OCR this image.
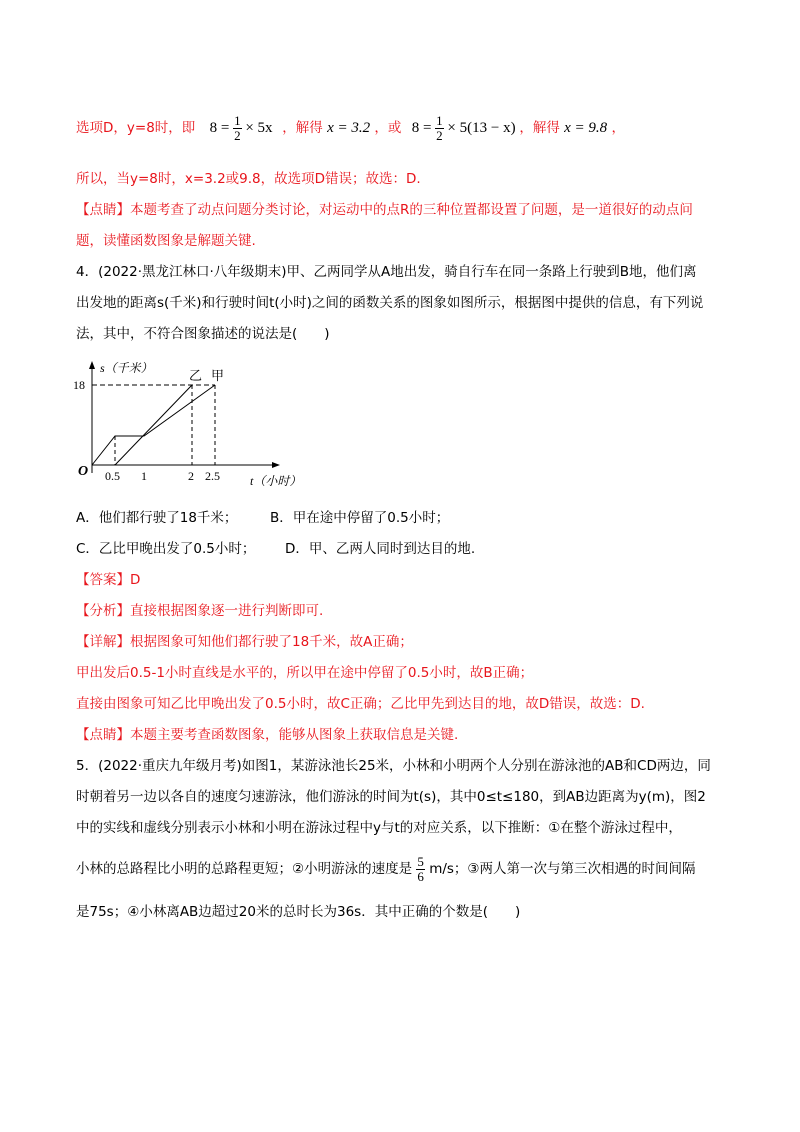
选项D，y=8时，即 $8 = \frac{1}{2} \times 5x$ ，解得 x = 3.2 ，或 $8 = \frac{1}{2} \times 5(13 - x)$ ，解得 x = 9.8 ，
所以，当y=8时，x=3.2或9.8，故选项D错误；故选：D.
【点睛】本题考查了动点问题分类讨论，对运动中的点R的三种位置都设置了问题，是一道很好的动点问
题，读懂函数图象是解题关键.
4．(2022·黑龙江林口·八年级期末)甲、乙两同学从A地出发，骑自行车在同一条路上行驶到B地，他们离
出发地的距离s(千米)和行驶时间t(小时)之间的函数关系的图象如图所示，根据图中提供的信息，有下列说
法，其中，不符合图象描述的说法是(　　)
s（千米）
18
O 0.5 1	2 2.5	t（小时）
乙 甲
A．他们都行驶了18千米； B．甲在途中停留了0.5小时；
C．乙比甲晚出发了0.5小时； D．甲、乙两人同时到达目的地.
【答案】D
【分析】直接根据图象逐一进行判断即可.
【详解】根据图象可知他们都行驶了18千米，故A正确；
甲出发后0.5-1小时直线是水平的，所以甲在途中停留了0.5小时，故B正确；
直接由图象可知乙比甲晚出发了0.5小时，故C正确；乙比甲先到达目的地，故D错误，故选：D.
【点睛】本题主要考查函数图象，能够从图象上获取信息是关键.
5．(2022·重庆九年级月考)如图1，某游泳池长25米，小林和小明两个人分别在游泳池的AB和CD两边，同
时朝着另一边以各自的速度匀速游泳，他们游泳的时间为t(s)，其中0≤t≤180，到AB边距离为y(m)，图2
中的实线和虚线分别表示小林和小明在游泳过程中y与t的对应关系，以下推断：①在整个游泳过程中，
小林的总路程比小明的总路程更短；②小明游泳的速度是 $\frac{5}{6} m/s$；③两人第一次与第三次相遇的时间间隔
是75s；④小林离AB边超过20米的总时长为36s．其中正确的个数是(　　)
